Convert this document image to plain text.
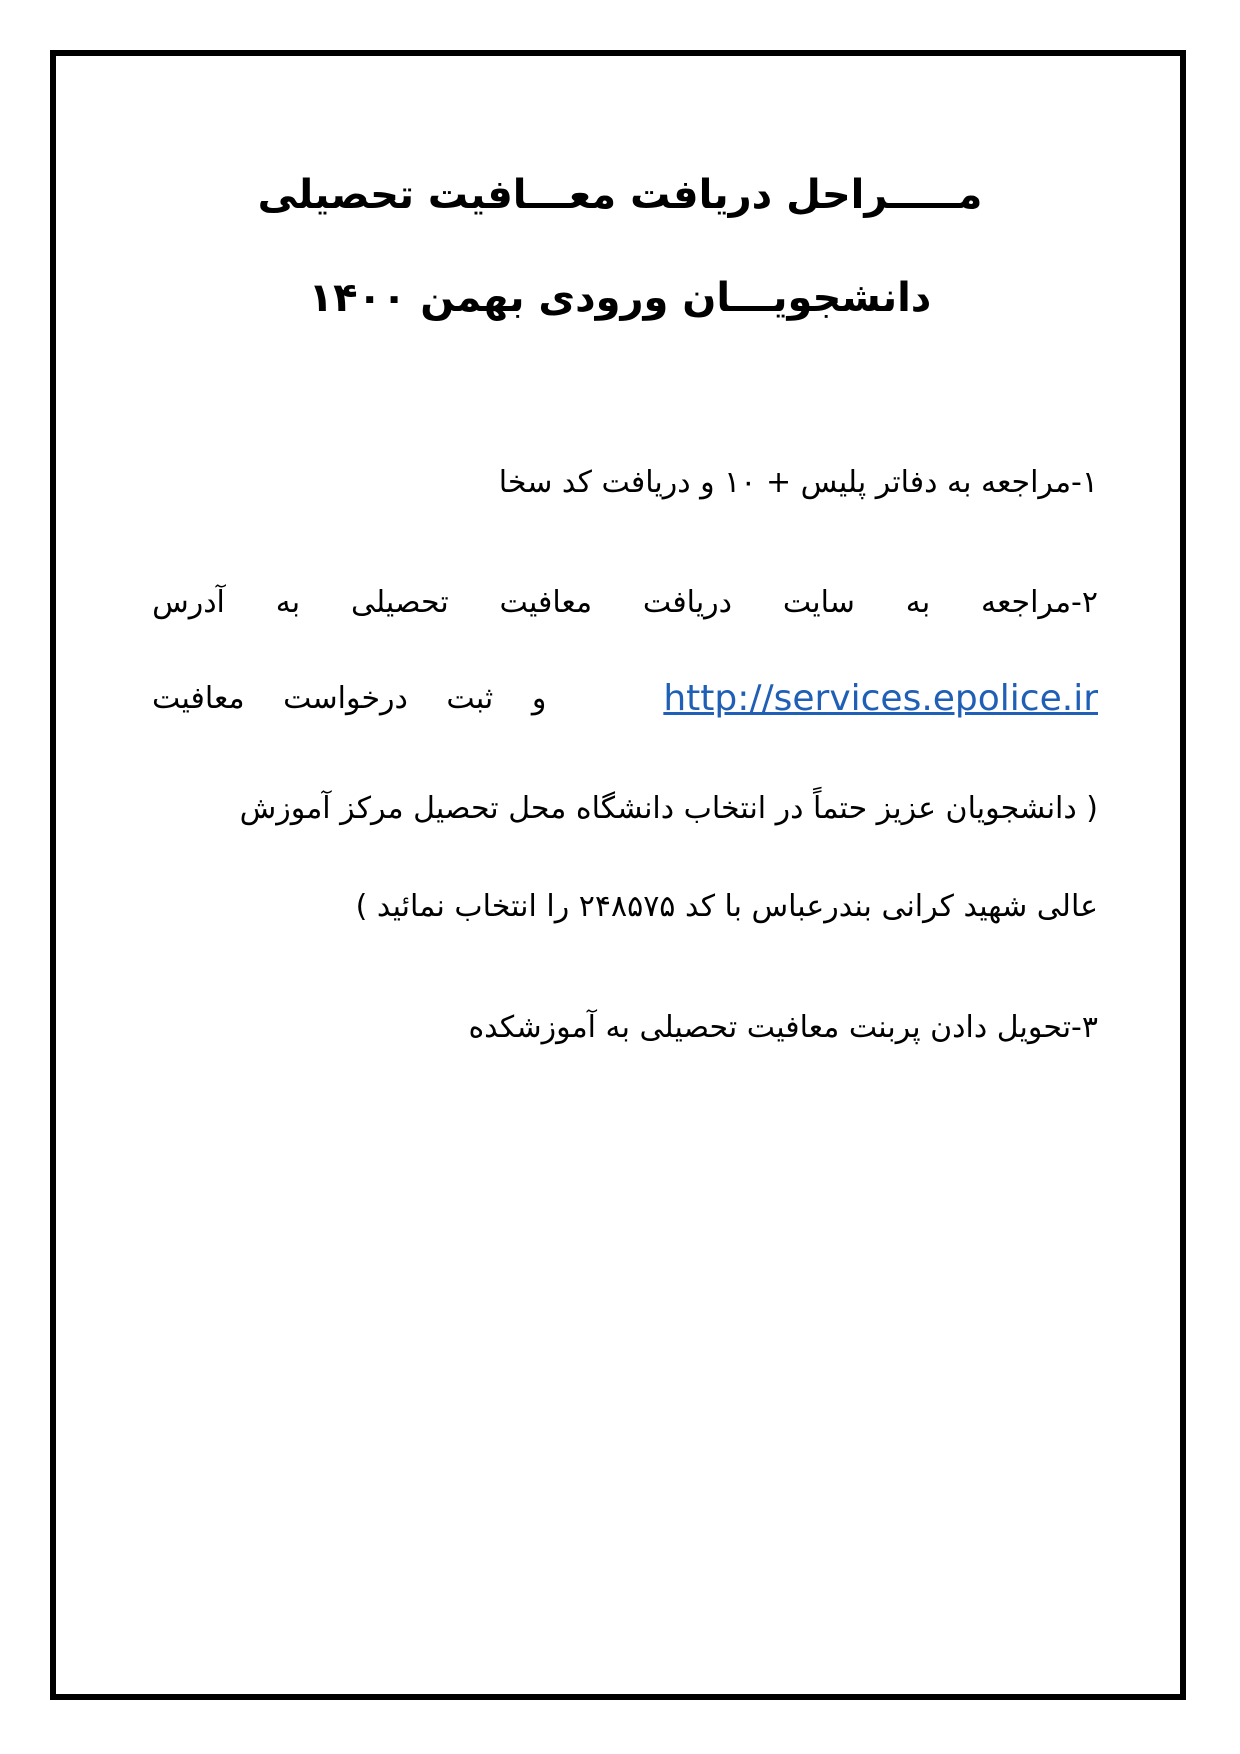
مـــــراحل دریافت معـــافیت تحصیلی
دانشجویـــان ورودی بهمن ۱۴۰۰
۱-مراجعه به دفاتر پلیس + ۱۰ و دریافت کد سخا
۲-مراجعه
به
سایت
دریافت
معافیت
تحصیلی
به
آدرس
http://services.epolice.ir
و
ثبت
درخواست
معافیت
( دانشجویان عزیز حتماً در انتخاب دانشگاه محل تحصیل مرکز آموزش
عالی شهید کرانی بندرعباس با کد ۲۴۸۵۷۵ را انتخاب نمائید )
۳-تحویل دادن پربنت معافیت تحصیلی به آموزشکده
